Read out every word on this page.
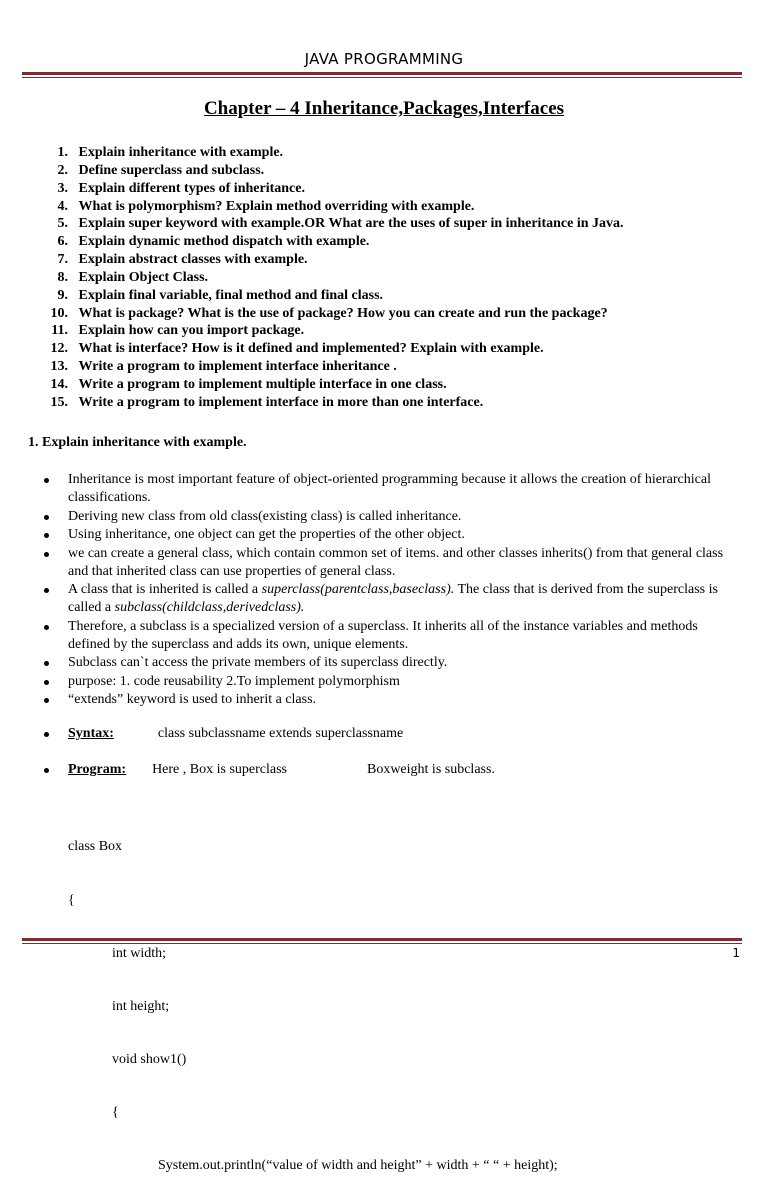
JAVA PROGRAMMING
Chapter – 4 Inheritance,Packages,Interfaces
1. Explain inheritance with example.
2. Define superclass and subclass.
3. Explain different types of inheritance.
4. What is polymorphism? Explain method overriding with example.
5. Explain super keyword with example.OR What are the uses of super in inheritance in Java.
6. Explain dynamic method dispatch with example.
7. Explain abstract classes with example.
8. Explain Object Class.
9. Explain final variable, final method and final class.
10. What is package? What is the use of package? How you can create and run the package?
11. Explain how can you import package.
12. What is interface? How is it defined and implemented? Explain with example.
13. Write a program to implement interface inheritance .
14. Write a program to implement multiple interface in one class.
15. Write a program to implement interface in more than one interface.
1. Explain inheritance with example.
Inheritance is most important feature of object-oriented programming because it allows the creation of hierarchical classifications.
Deriving new class from old class(existing class) is called inheritance.
Using inheritance, one object can get the properties of the other object.
we can create a general class, which contain common set of items. and other classes inherits() from that general class and that inherited class can use properties of general class.
A class that is inherited is called a superclass(parentclass,baseclass). The class that is derived from the superclass is called a subclass(childclass,derivedclass).
Therefore, a subclass is a specialized version of a superclass. It inherits all of the instance variables and methods defined by the superclass and adds its own, unique elements.
Subclass can`t access the private members of its superclass directly.
purpose: 1. code reusability 2.To implement polymorphism
“extends” keyword is used to inherit a class.
Syntax:	class subclassname extends superclassname
Program: Here , Box is superclass	Boxweight is subclass.

class Box

{

int width;

int height;

void show1()

{

System.out.println(“value of width and height” + width + “ “ + height);

1
